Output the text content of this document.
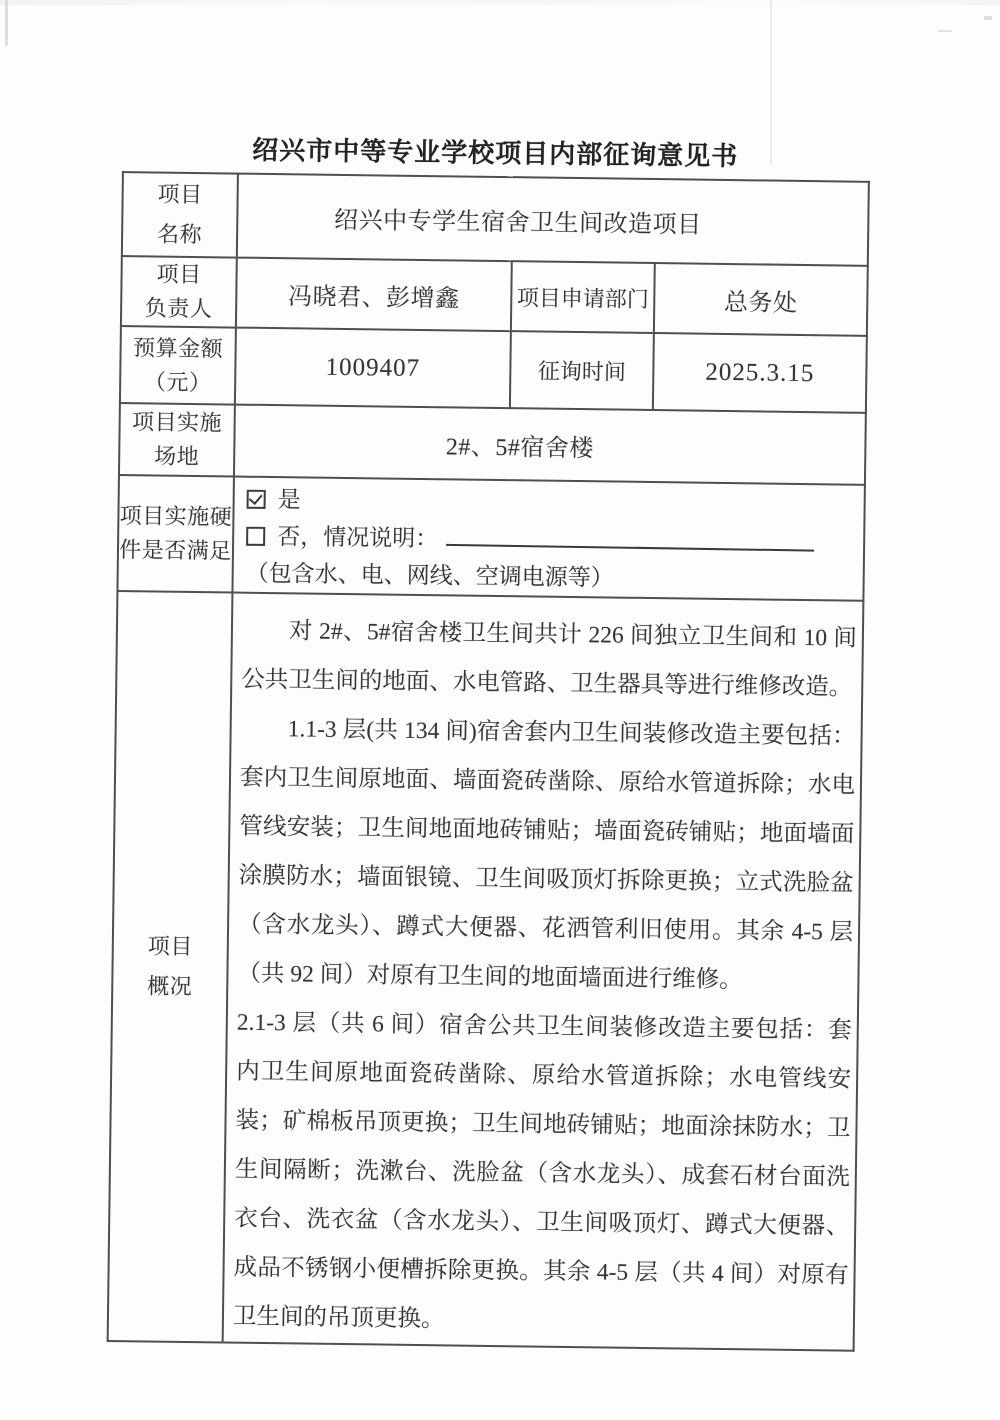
绍兴市中等专业学校项目内部征询意见书
项目
名称	绍兴中专学生宿舍卫生间改造项目		

项目
负责人	冯晓君、彭增鑫	项目申请部门	总务处

预算金额
（元）	1009407	征询时间	2025.3.15

项目实施
场地	2#、5#宿舍楼		

项目实施硬
件是否满足

是
否，情况说明：
（包含水、电、网线、空调电源等）

项目
概况

对 2#、5#宿舍楼卫生间共计 226 间独立卫生间和 10 间公共卫生间的地面、水电管路、卫生器具等进行维修改造。

1.1-3 层(共 134 间)宿舍套内卫生间装修改造主要包括：套内卫生间原地面、墙面瓷砖凿除、原给水管道拆除；水电管线安装；卫生间地面地砖铺贴；墙面瓷砖铺贴；地面墙面涂膜防水；墙面银镜、卫生间吸顶灯拆除更换；立式洗脸盆（含水龙头）、蹲式大便器、花洒管利旧使用。其余 4-5 层（共 92 间）对原有卫生间的地面墙面进行维修。

2.1-3 层（共 6 间）宿舍公共卫生间装修改造主要包括：套内卫生间原地面瓷砖凿除、原给水管道拆除；水电管线安装；矿棉板吊顶更换；卫生间地砖铺贴；地面涂抹防水；卫生间隔断；洗漱台、洗脸盆（含水龙头）、成套石材台面洗衣台、洗衣盆（含水龙头）、卫生间吸顶灯、蹲式大便器、成品不锈钢小便槽拆除更换。其余 4-5 层（共 4 间）对原有卫生间的吊顶更换。
